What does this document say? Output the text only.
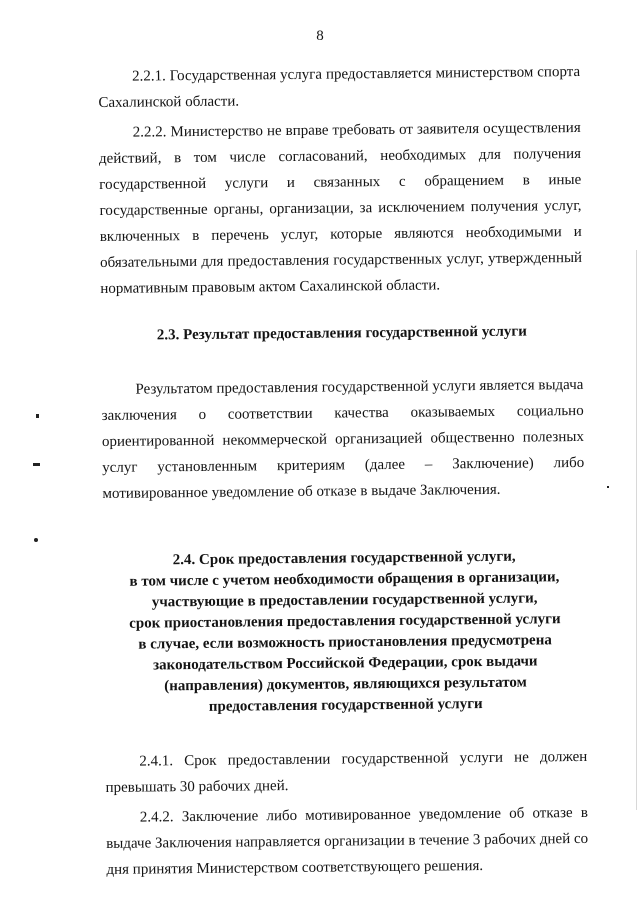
8

2.2.1. Государственная услуга предоставляется министерством спорта Сахалинской области.

2.2.2. Министерство не вправе требовать от заявителя осуществления действий, в том числе согласований, необходимых для получения государственной услуги и связанных с обращением в иные государственные органы, организации, за исключением получения услуг, включенных в перечень услуг, которые являются необходимыми и обязательными для предоставления государственных услуг, утвержденный нормативным правовым актом Сахалинской области.

2.3. Результат предоставления государственной услуги

Результатом предоставления государственной услуги является выдача заключения о соответствии качества оказываемых социально ориентированной некоммерческой организацией общественно полезных услуг установленным критериям (далее – Заключение) либо мотивированное уведомление об отказе в выдаче Заключения.

2.4. Срок предоставления государственной услуги,
в том числе с учетом необходимости обращения в организации,
участвующие в предоставлении государственной услуги,
срок приостановления предоставления государственной услуги
в случае, если возможность приостановления предусмотрена
законодательством Российской Федерации, срок выдачи
(направления) документов, являющихся результатом
предоставления государственной услуги

2.4.1. Срок предоставлении государственной услуги не должен превышать 30 рабочих дней.

2.4.2. Заключение либо мотивированное уведомление об отказе в выдаче Заключения направляется организации в течение 3 рабочих дней со дня принятия Министерством соответствующего решения.
